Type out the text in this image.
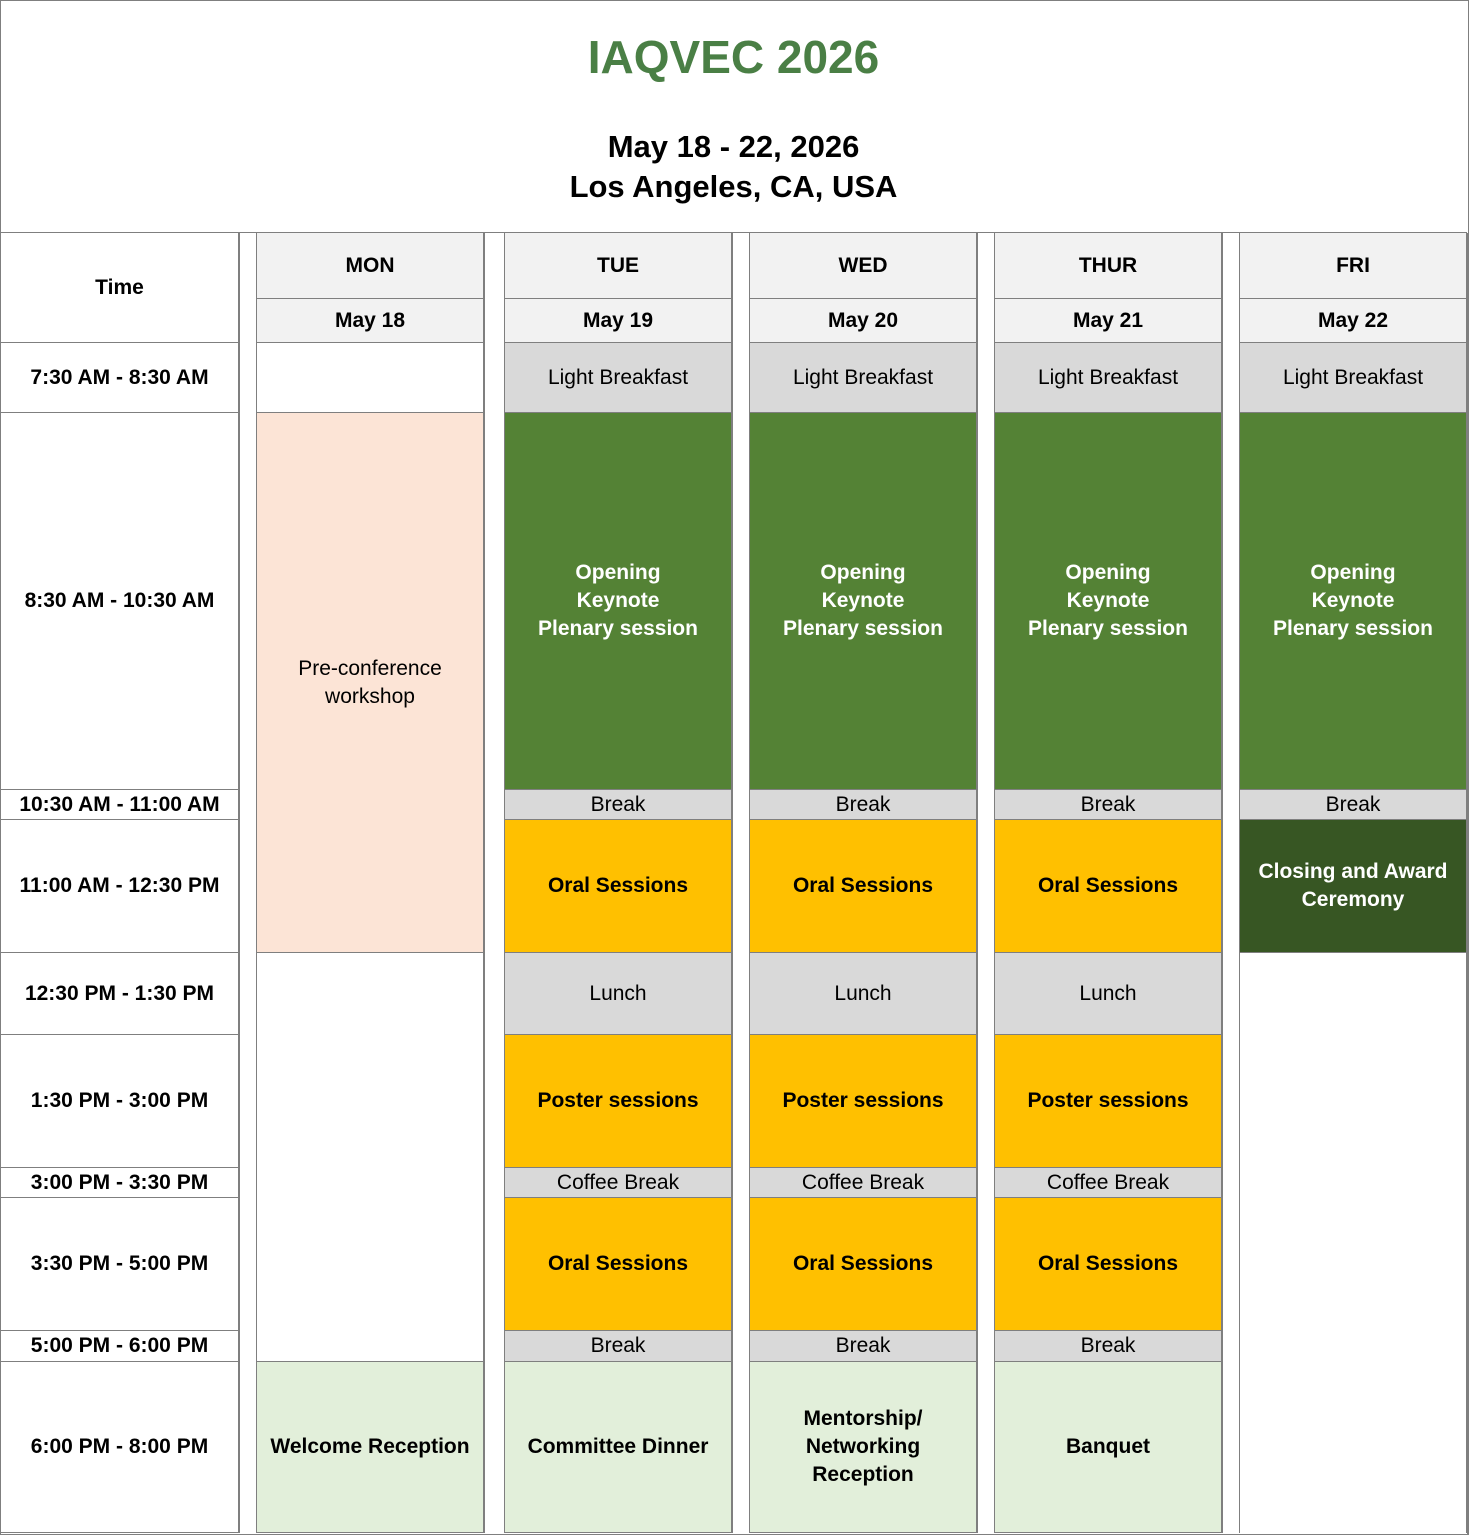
IAQVEC 2026
May 18 - 22, 2026
Los Angeles, CA, USA
Time
MON
May 18
TUE
May 19
WED
May 20
THUR
May 21
FRI
May 22
7:30 AM - 8:30 AM
8:30 AM - 10:30 AM
10:30 AM - 11:00 AM
11:00 AM - 12:30 PM
12:30 PM - 1:30 PM
1:30 PM - 3:00 PM
3:00 PM - 3:30 PM
3:30 PM - 5:00 PM
5:00 PM - 6:00 PM
6:00 PM - 8:00 PM
Pre-conference
workshop
Welcome Reception
Light Breakfast
Opening
Keynote
Plenary session
Break
Oral Sessions
Lunch
Poster sessions
Coffee Break
Oral Sessions
Break
Committee Dinner
Light Breakfast
Opening
Keynote
Plenary session
Break
Oral Sessions
Lunch
Poster sessions
Coffee Break
Oral Sessions
Break
Mentorship/
Networking
Reception
Light Breakfast
Opening
Keynote
Plenary session
Break
Oral Sessions
Lunch
Poster sessions
Coffee Break
Oral Sessions
Break
Banquet
Light Breakfast
Opening
Keynote
Plenary session
Break
Closing and Award
Ceremony
